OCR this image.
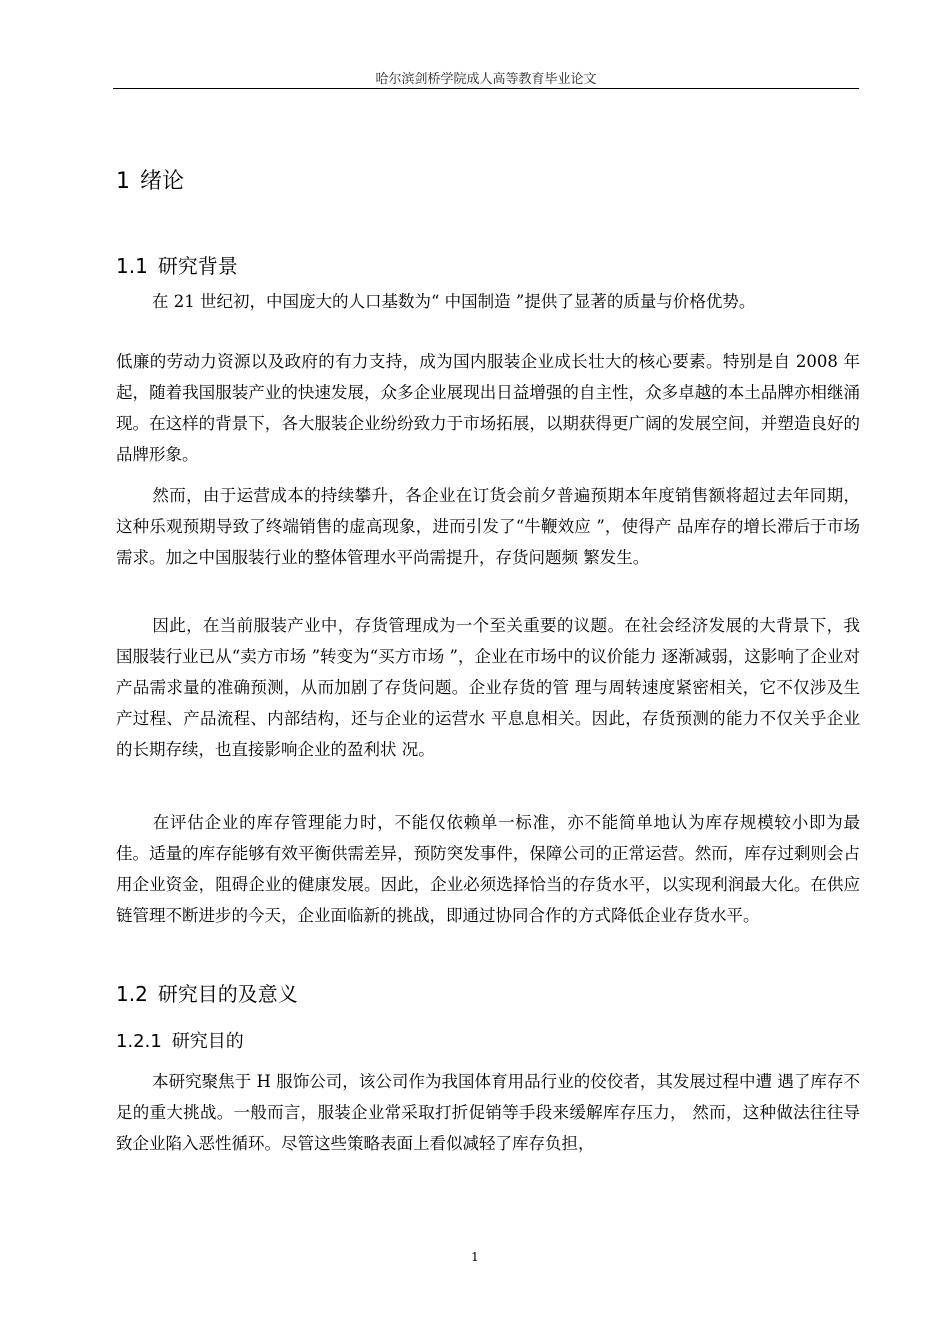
哈尔滨剑桥学院成人高等教育毕业论文
1 绪论
1.1 研究背景
在 21 世纪初，中国庞大的人口基数为“ 中国制造 ”提供了显著的质量与价格优势。
低廉的劳动力资源以及政府的有力支持，成为国内服装企业成长壮大的核心要素。特别是自 2008 年起，随着我国服装产业的快速发展，众多企业展现出日益增强的自主性，众多卓越的本土品牌亦相继涌现。在这样的背景下，各大服装企业纷纷致力于市场拓展，以期获得更广阔的发展空间，并塑造良好的品牌形象。
然而，由于运营成本的持续攀升，各企业在订货会前夕普遍预期本年度销售额将超过去年同期，这种乐观预期导致了终端销售的虚高现象，进而引发了“牛鞭效应 ”，使得产 品库存的增长滞后于市场需求。加之中国服装行业的整体管理水平尚需提升，存货问题频 繁发生。
因此，在当前服装产业中，存货管理成为一个至关重要的议题。在社会经济发展的大背景下，我国服装行业已从“卖方市场 ”转变为“买方市场 ”，企业在市场中的议价能力 逐渐减弱，这影响了企业对产品需求量的准确预测，从而加剧了存货问题。企业存货的管 理与周转速度紧密相关，它不仅涉及生产过程、产品流程、内部结构，还与企业的运营水 平息息相关。因此，存货预测的能力不仅关乎企业的长期存续，也直接影响企业的盈利状 况。
在评估企业的库存管理能力时，不能仅依赖单一标准，亦不能简单地认为库存规模较小即为最佳。适量的库存能够有效平衡供需差异，预防突发事件，保障公司的正常运营。然而，库存过剩则会占用企业资金，阻碍企业的健康发展。因此，企业必须选择恰当的存货水平，以实现利润最大化。在供应链管理不断进步的今天，企业面临新的挑战，即通过协同合作的方式降低企业存货水平。
1.2 研究目的及意义
1.2.1 研究目的
本研究聚焦于 H 服饰公司，该公司作为我国体育用品行业的佼佼者，其发展过程中遭 遇了库存不足的重大挑战。一般而言，服装企业常采取打折促销等手段来缓解库存压力， 然而，这种做法往往导致企业陷入恶性循环。尽管这些策略表面上看似减轻了库存负担，
1
